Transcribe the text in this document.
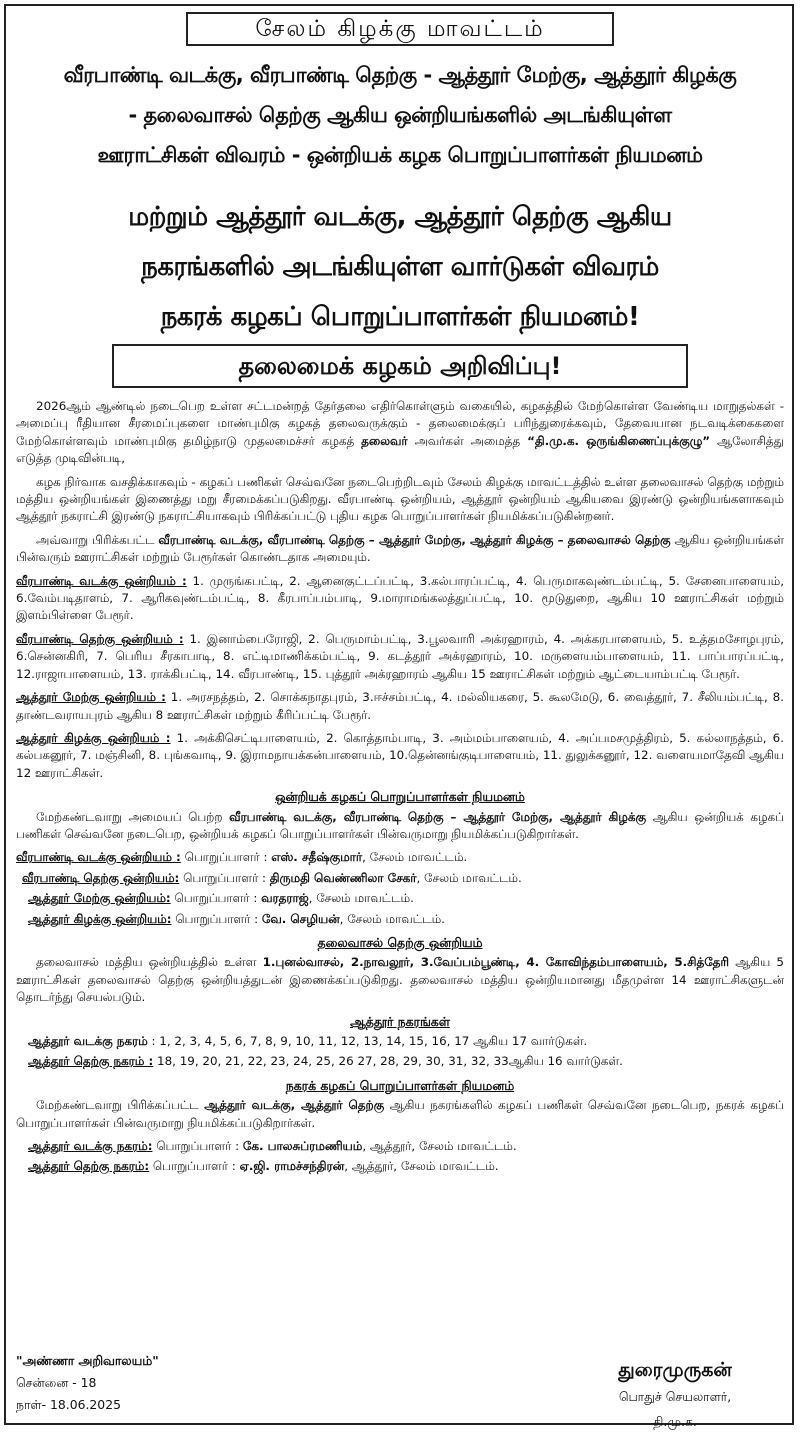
சேலம் கிழக்கு மாவட்டம்
வீரபாண்டி வடக்கு, வீரபாண்டி தெற்கு - ஆத்தூர் மேற்கு, ஆத்தூர் கிழக்கு
- தலைவாசல் தெற்கு ஆகிய ஒன்றியங்களில் அடங்கியுள்ள
ஊராட்சிகள் விவரம் - ஒன்றியக் கழக பொறுப்பாளர்கள் நியமனம்
மற்றும் ஆத்தூர் வடக்கு, ஆத்தூர் தெற்கு ஆகிய
நகரங்களில் அடங்கியுள்ள வார்டுகள் விவரம்
நகரக் கழகப் பொறுப்பாளர்கள் நியமனம்!
தலைமைக் கழகம் அறிவிப்பு!

2026ஆம் ஆண்டில் நடைபெற உள்ள சட்டமன்றத் தேர்தலை எதிர்கொள்ளும் வகையில், கழகத்தில் மேற்கொள்ள வேண்டிய மாறுதல்கள் - அமைப்பு ரீதியான சீரமைப்புகளை மாண்புமிகு கழகத் தலைவருக்கும் - தலைமைக்குப் பரிந்துரைக்கவும், தேவையான நடவடிக்கைகளை மேற்கொள்ளவும் மாண்புமிகு தமிழ்நாடு முதலமைச்சர் கழகத் தலைவர் அவர்கள் அமைத்த “தி.மு.க. ஒருங்கிணைப்புக்குழு” ஆலோசித்து எடுத்த முடிவின்படி,

கழக நிர்வாக வசதிக்காகவும் - கழகப் பணிகள் செவ்வனே நடைபெற்றிடவும் சேலம் கிழக்கு மாவட்டத்தில் உள்ள தலைவாசல் தெற்கு மற்றும் மத்திய ஒன்றியங்கள் இணைத்து மறு சீரமைக்கப்படுகிறது. வீரபாண்டி ஒன்றியம், ஆத்தூர் ஒன்றியம் ஆகியவை இரண்டு ஒன்றியங்களாகவும் ஆத்தூர் நகராட்சி இரண்டு நகராட்சியாகவும் பிரிக்கப்பட்டு புதிய கழக பொறுப்பாளர்கள் நியமிக்கப்படுகின்றனர்.

அவ்வாறு பிரிக்கபட்ட வீரபாண்டி வடக்கு, வீரபாண்டி தெற்கு – ஆத்தூர் மேற்கு, ஆத்தூர் கிழக்கு – தலைவாசல் தெற்கு ஆகிய ஒன்றியங்கள் பின்வரும் ஊராட்சிகள் மற்றும் பேரூர்கள் கொண்டதாக அமையும்.

வீரபாண்டி வடக்கு ஒன்றியம் : 1. முருங்கபட்டி, 2. ஆனைகுட்டப்பட்டி, 3.கல்பாரப்பட்டி, 4. பெருமாகவுண்டம்பட்டி, 5. சேனைபாளையம், 6.வேம்படிதாளம், 7. ஆரிகவுண்டம்பட்டி, 8. கீரபாப்பம்பாடி, 9.மாராமங்கலத்துப்பட்டி, 10. மூடுதுறை, ஆகிய 10 ஊராட்சிகள் மற்றும் இளம்பிள்ளை பேரூர்.

வீரபாண்டி தெற்கு ஒன்றியம் : 1. இனாம்பைரோஜி, 2. பெருமாம்பட்டி, 3.பூலவாரி அக்ரஹாரம், 4. அக்கரபாளையம், 5. உத்தமசோழபுரம், 6.சென்னகிரி, 7. பெரிய சீரகாபாடி, 8. எட்டிமாணிக்கம்பட்டி, 9. கடத்தூர் அக்ரஹாரம், 10. மருளையம்பாளையம், 11. பாப்பாரப்பட்டி, 12.ராஜாபாளையம், 13. ராக்கிபட்டி, 14. வீரபாண்டி, 15. புத்தூர் அக்ரஹாரம் ஆகிய 15 ஊராட்சிகள் மற்றும் ஆட்டையாம்பட்டி பேரூர்.

ஆத்தூர் மேற்கு ஒன்றியம் : 1. அரசநத்தம், 2. சொக்கநாதபுரம், 3.ஈச்சம்பட்டி, 4. மல்லியகரை, 5. கூலமேடு, 6. வைத்தூர், 7. சீலியம்பட்டி, 8. தாண்டவராயபுரம் ஆகிய 8 ஊராட்சிகள் மற்றும் கீரிப்பட்டி பேரூர்.

ஆத்தூர் கிழக்கு ஒன்றியம் : 1. அக்கிசெட்டிபாளையம், 2. கொத்தாம்பாடி, 3. அம்மம்பாளையம், 4. அப்பமசமுத்திரம், 5. கல்லாநத்தம், 6. கல்பகனூர், 7. மஞ்சினி, 8. புங்கவாடி, 9. இராமநாயக்கன்பாளையம், 10.தென்னங்குடிபாளையம், 11. துலுக்கனூர், 12. வளையமாதேவி ஆகிய 12 ஊராட்சிகள்.

ஒன்றியக் கழகப் பொறுப்பாளர்கள் நியமனம்

மேற்கண்டவாறு அமையப் பெற்ற வீரபாண்டி வடக்கு, வீரபாண்டி தெற்கு – ஆத்தூர் மேற்கு, ஆத்தூர் கிழக்கு ஆகிய ஒன்றியக் கழகப் பணிகள் செவ்வனே நடைபெற, ஒன்றியக் கழகப் பொறுப்பாளர்கள் பின்வருமாறு நியமிக்கப்படுகிறார்கள்.

வீரபாண்டி வடக்கு ஒன்றியம் : பொறுப்பாளர் : எஸ். சதீஷ்குமார், சேலம் மாவட்டம்.

வீரபாண்டி தெற்கு ஒன்றியம்: பொறுப்பாளர் : திருமதி வெண்ணிலா சேகர், சேலம் மாவட்டம்.

ஆத்தூர் மேற்கு ஒன்றியம்: பொறுப்பாளர் : வரதராஜ், சேலம் மாவட்டம்.

ஆத்தூர் கிழக்கு ஒன்றியம்: பொறுப்பாளர் : வே. செழியன், சேலம் மாவட்டம்.

தலைவாசல் தெற்கு ஒன்றியம்

தலைவாசல் மத்திய ஒன்றியத்தில் உள்ள 1.புனல்வாசல், 2.நாவலூர், 3.வேப்பம்பூண்டி, 4. கோவிந்தம்பாளையம், 5.சித்தேரி ஆகிய 5 ஊராட்சிகள் தலைவாசல் தெற்கு ஒன்றியத்துடன் இணைக்கப்படுகிறது. தலைவாசல் மத்திய ஒன்றியமானது மீதமுள்ள 14 ஊராட்சிகளுடன் தொடர்ந்து செயல்படும்.

ஆத்தூர் நகரங்கள்

ஆத்தூர் வடக்கு நகரம் : 1, 2, 3, 4, 5, 6, 7, 8, 9, 10, 11, 12, 13, 14, 15, 16, 17 ஆகிய 17 வார்டுகள்.

ஆத்தூர் தெற்கு நகரம் : 18, 19, 20, 21, 22, 23, 24, 25, 26 27, 28, 29, 30, 31, 32, 33ஆகிய 16 வார்டுகள்.

நகரக் கழகப் பொறுப்பாளர்கள் நியமனம்

மேற்கண்டவாறு பிரிக்கப்பட்ட ஆத்தூர் வடக்கு, ஆத்தூர் தெற்கு ஆகிய நகரங்களில் கழகப் பணிகள் செவ்வனே நடைபெற, நகரக் கழகப் பொறுப்பாளர்கள் பின்வருமாறு நியமிக்கப்படுகிறார்கள்.

ஆத்தூர் வடக்கு நகரம்: பொறுப்பாளர் : கே. பாலசுப்ரமணியம், ஆத்தூர், சேலம் மாவட்டம்.

ஆத்தூர் தெற்கு நகரம்: பொறுப்பாளர் : ஏ.ஜி. ராமச்சந்திரன், ஆத்தூர், சேலம் மாவட்டம்.

"அண்ணா அறிவாலயம்"
சென்னை - 18
நாள்- 18.06.2025
துரைமுருகன்
பொதுச் செயலாளர்,
தி.மு.க.
